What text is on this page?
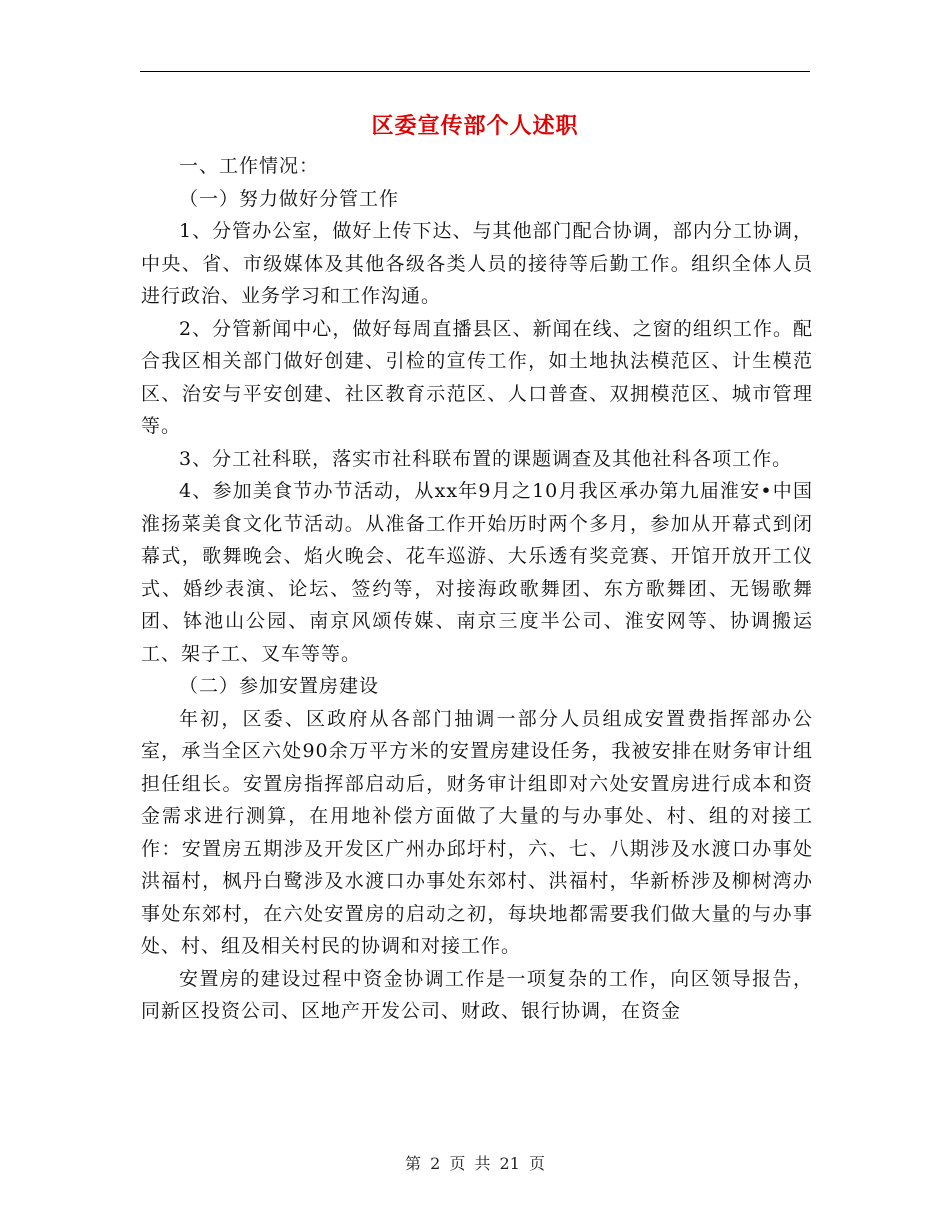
区委宣传部个人述职

一、工作情况：

（一）努力做好分管工作

1、分管办公室，做好上传下达、与其他部门配合协调，部内分工协调，中央、省、市级媒体及其他各级各类人员的接待等后勤工作。组织全体人员进行政治、业务学习和工作沟通。

2、分管新闻中心，做好每周直播县区、新闻在线、之窗的组织工作。配合我区相关部门做好创建、引检的宣传工作，如土地执法模范区、计生模范区、治安与平安创建、社区教育示范区、人口普查、双拥模范区、城市管理等。

3、分工社科联，落实市社科联布置的课题调查及其他社科各项工作。

4、参加美食节办节活动，从xx年9月之10月我区承办第九届淮安•中国淮扬菜美食文化节活动。从准备工作开始历时两个多月，参加从开幕式到闭幕式，歌舞晚会、焰火晚会、花车巡游、大乐透有奖竞赛、开馆开放开工仪式、婚纱表演、论坛、签约等，对接海政歌舞团、东方歌舞团、无锡歌舞团、钵池山公园、南京风颂传媒、南京三度半公司、淮安网等、协调搬运工、架子工、叉车等等。

（二）参加安置房建设

年初，区委、区政府从各部门抽调一部分人员组成安置费指挥部办公室，承当全区六处90余万平方米的安置房建设任务，我被安排在财务审计组担任组长。安置房指挥部启动后，财务审计组即对六处安置房进行成本和资金需求进行测算，在用地补偿方面做了大量的与办事处、村、组的对接工作：安置房五期涉及开发区广州办邱圩村，六、七、八期涉及水渡口办事处洪福村，枫丹白鹭涉及水渡口办事处东郊村、洪福村，华新桥涉及柳树湾办事处东郊村，在六处安置房的启动之初，每块地都需要我们做大量的与办事处、村、组及相关村民的协调和对接工作。

安置房的建设过程中资金协调工作是一项复杂的工作，向区领导报告，同新区投资公司、区地产开发公司、财政、银行协调，在资金

第 2 页 共 21 页
